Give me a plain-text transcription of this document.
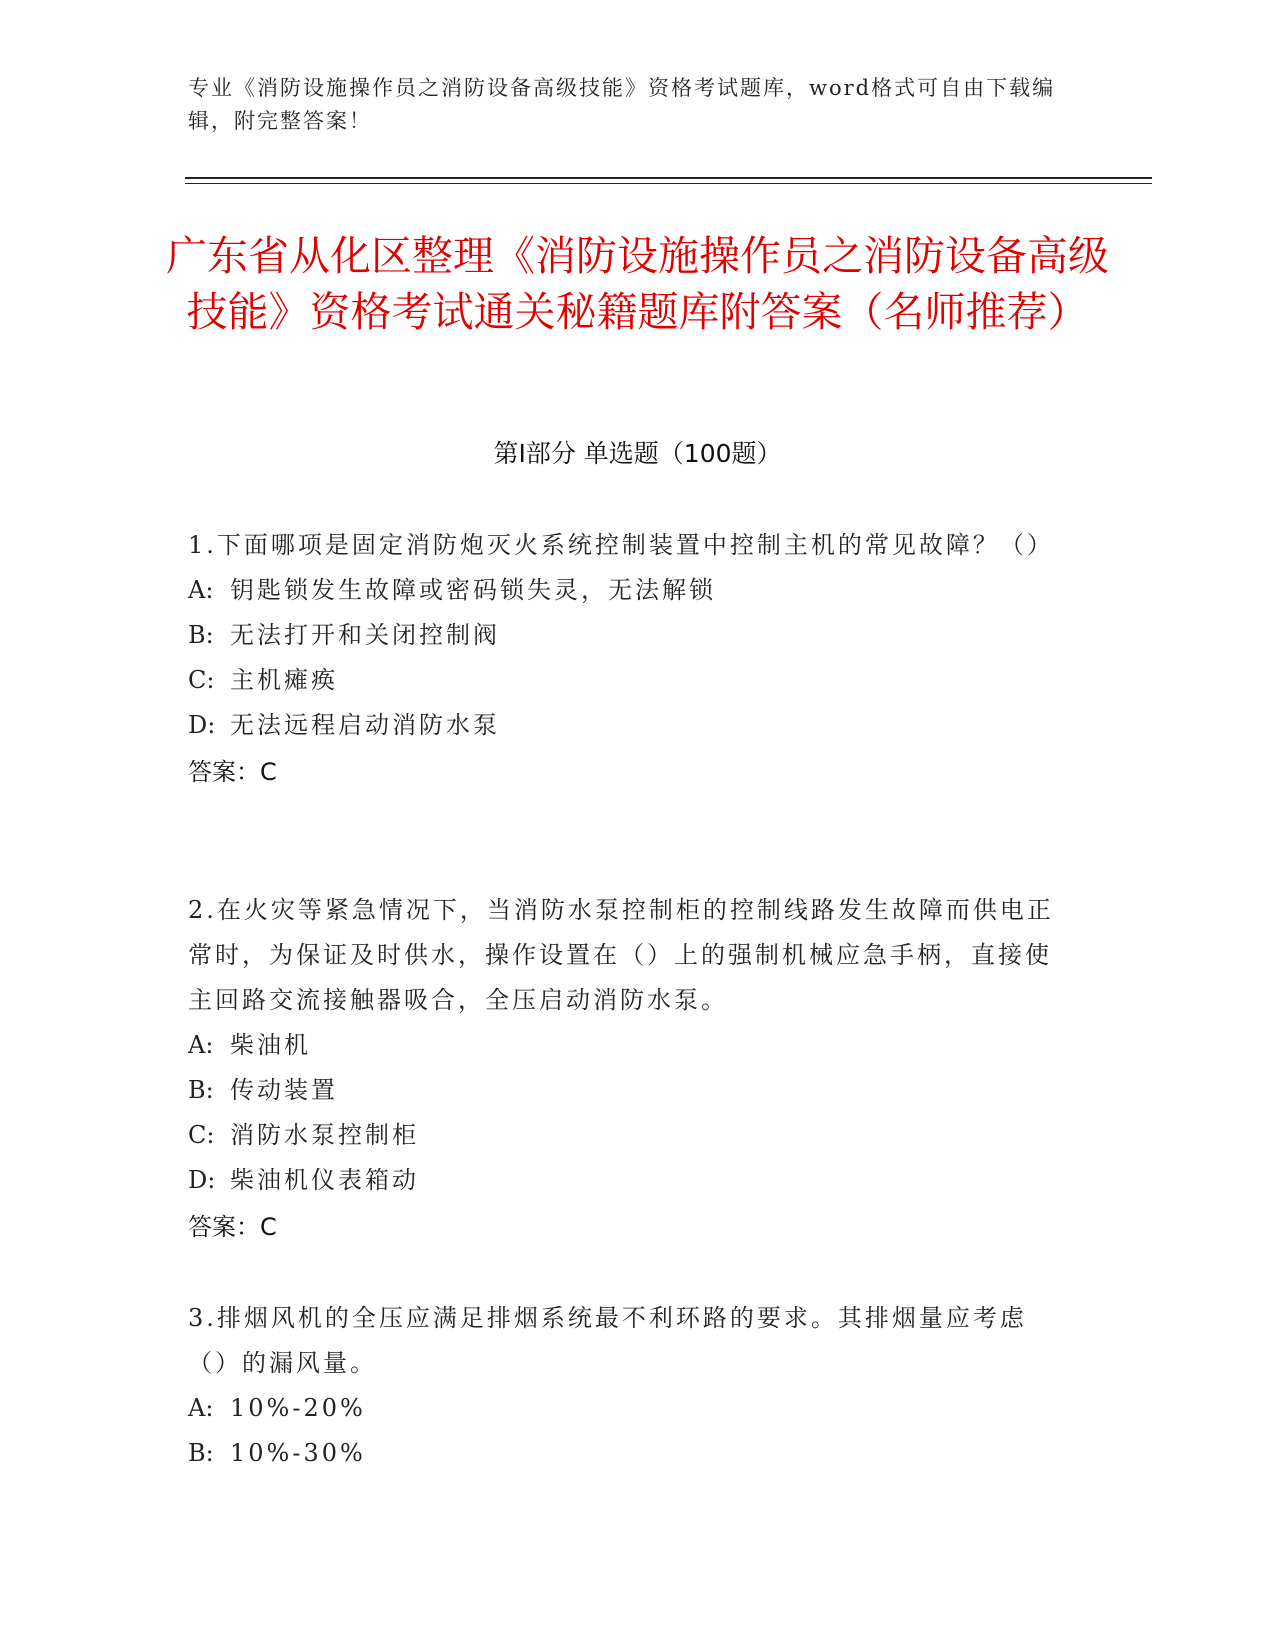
专业《消防设施操作员之消防设备高级技能》资格考试题库，word格式可自由下载编辑，附完整答案！
广东省从化区整理《消防设施操作员之消防设备高级技能》资格考试通关秘籍题库附答案（名师推荐）
第Ⅰ部分 单选题（100题）
1.下面哪项是固定消防炮灭火系统控制装置中控制主机的常见故障？（）
A: 钥匙锁发生故障或密码锁失灵，无法解锁
B: 无法打开和关闭控制阀
C: 主机瘫痪
D: 无法远程启动消防水泵
答案：C
2.在火灾等紧急情况下，当消防水泵控制柜的控制线路发生故障而供电正常时，为保证及时供水，操作设置在（）上的强制机械应急手柄，直接使主回路交流接触器吸合，全压启动消防水泵。
A: 柴油机
B: 传动装置
C: 消防水泵控制柜
D: 柴油机仪表箱动
答案：C
3.排烟风机的全压应满足排烟系统最不利环路的要求。其排烟量应考虑（）的漏风量。
A: 10%-20%
B: 10%-30%
